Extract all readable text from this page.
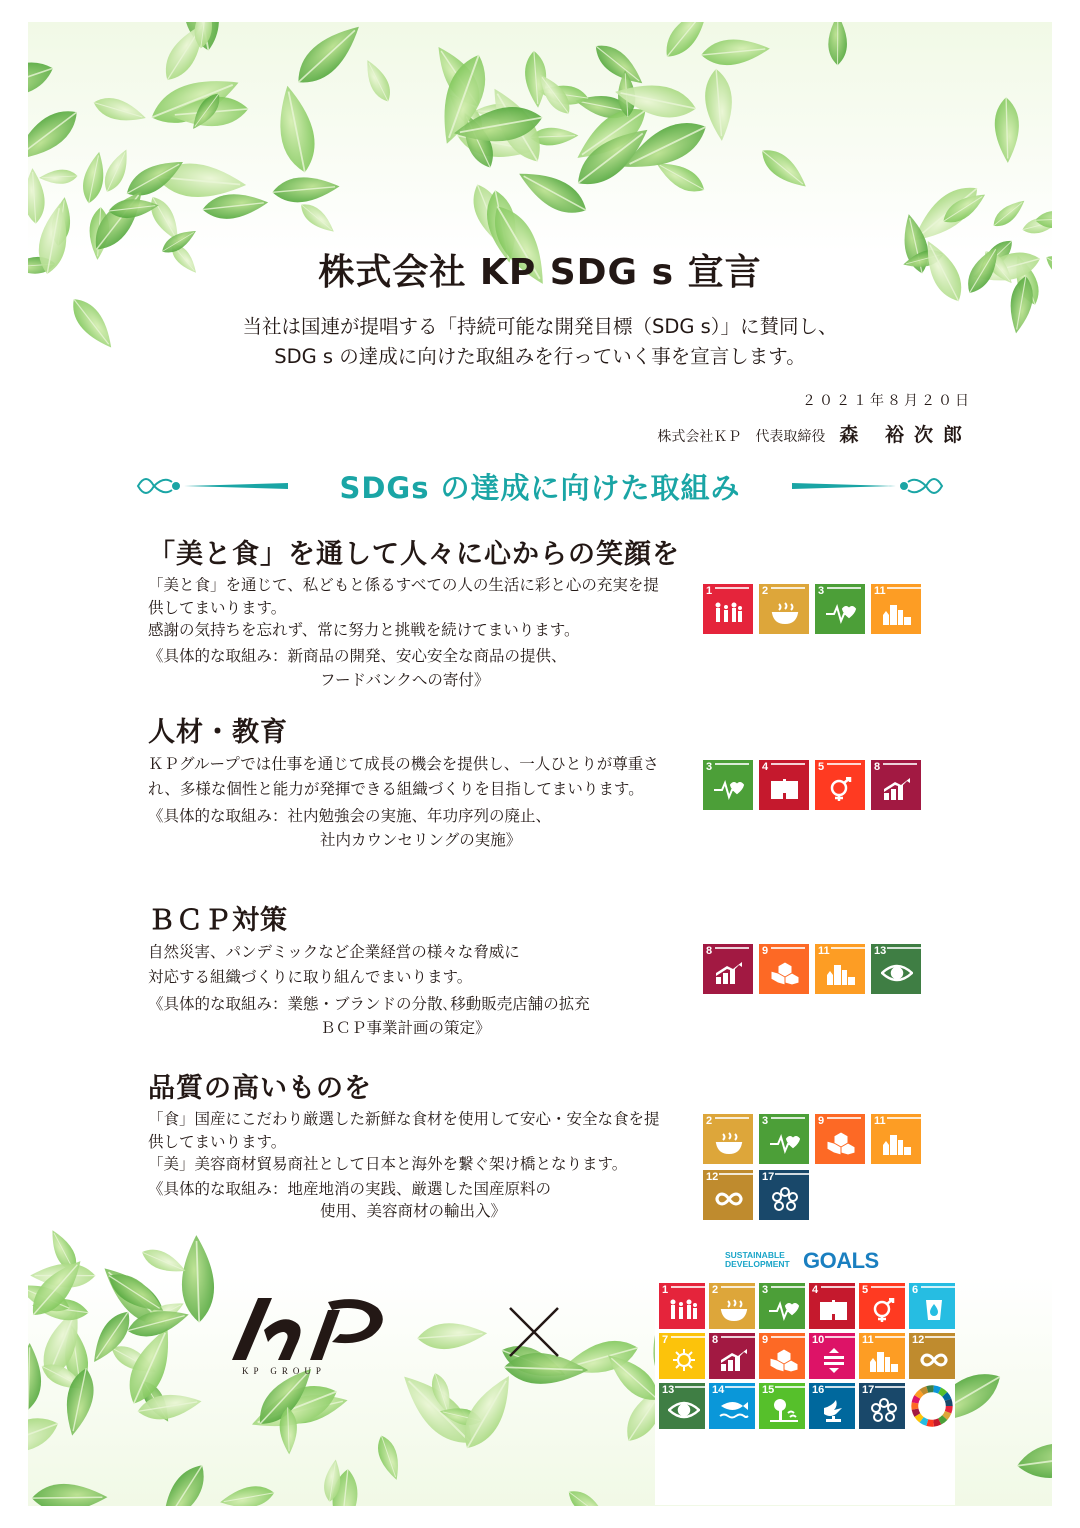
株式会社 KP SDG s 宣言
当社は国連が提唱する「持続可能な開発目標（SDG s）」に賛同し、
SDG s の達成に向けた取組みを行っていく事を宣言します。
２０２１年８月２０日
株式会社ＫＰ 代表取締役 森 裕次郎
SDGs の達成に向けた取組み
「美と食」を通して人々に心からの笑顔を
「美と食」を通じて、私どもと係るすべての人の生活に彩と心の充実を提供してまいります。
感謝の気持ちを忘れず、常に努力と挑戦を続けてまいります。
《具体的な取組み：新商品の開発、安心安全な商品の提供、
フードバンクへの寄付》
1	2	3	11
人材・教育
ＫＰグループでは仕事を通じて成長の機会を提供し、一人ひとりが尊重され、多様な個性と能力が発揮できる組織づくりを目指してまいります。
《具体的な取組み：社内勉強会の実施、年功序列の廃止、
社内カウンセリングの実施》
3	4	5	8
ＢＣＰ対策
自然災害、パンデミックなど企業経営の様々な脅威に
対応する組織づくりに取り組んでまいります。
《具体的な取組み：業態・ブランドの分散､移動販売店舗の拡充
ＢＣＰ事業計画の策定》
8	9	11	13
品質の高いものを
「食」国産にこだわり厳選した新鮮な食材を使用して安心・安全な食を提供してまいります。
「美」美容商材貿易商社として日本と海外を繋ぐ架け橋となります。
《具体的な取組み：地産地消の実践、厳選した国産原料の
使用、美容商材の輸出入》
2	3	9	11
12	17
KP GROUP
SUSTAINABLE
DEVELOPMENT GOALS
1	2	3	4	5	6
7	8	9	10	11	12
13	14	15	16	17
